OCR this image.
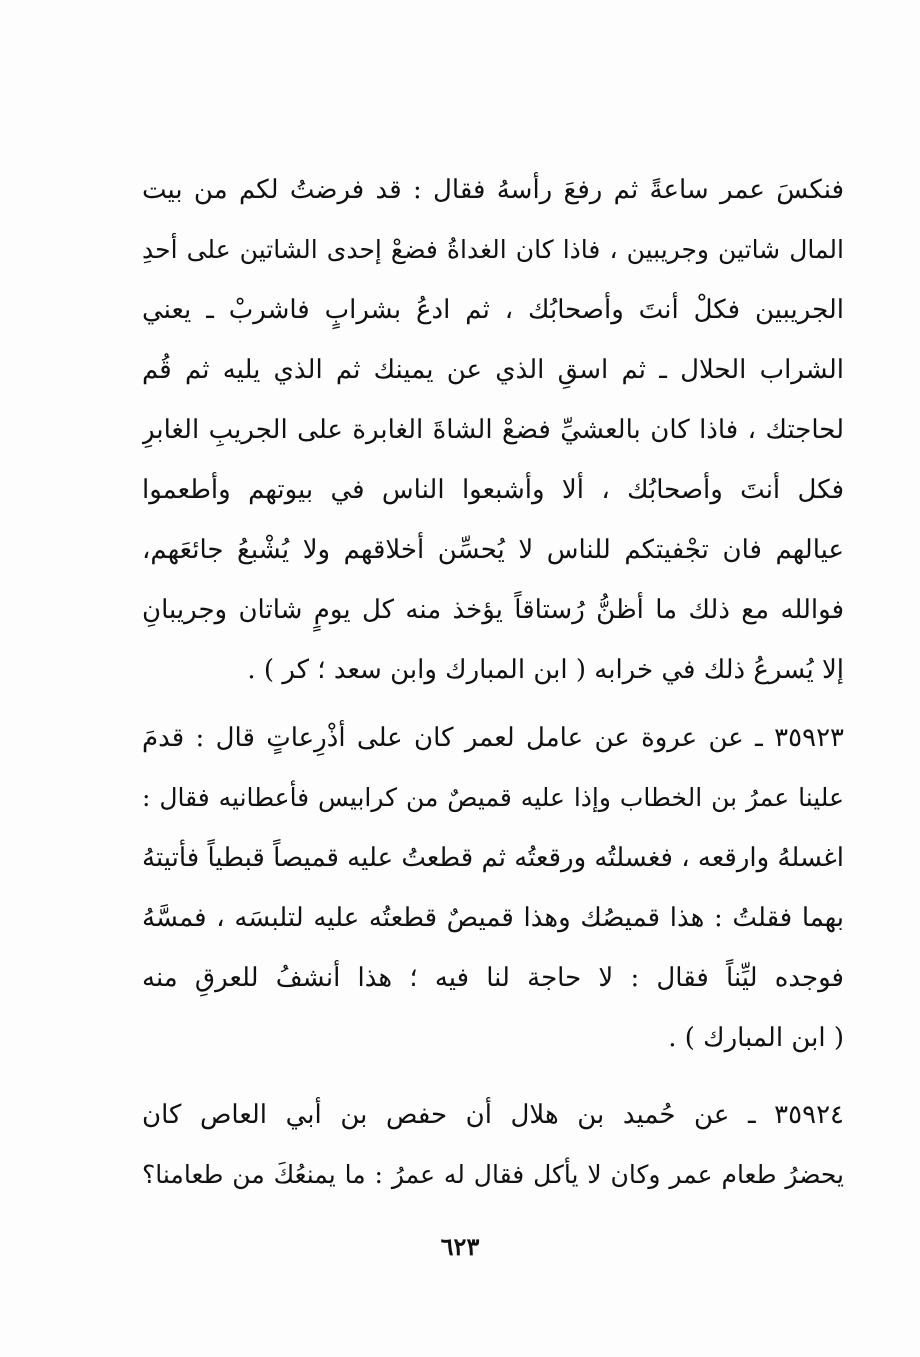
فنكسَ عمر ساعةً ثم رفعَ رأسهُ فقال : قد فرضتُ لكم من بيت
المال شاتين وجريبين ، فاذا كان الغداةُ فضعْ إحدى الشاتين على أحدِ
الجريبين فكلْ أنتَ وأصحابُك ، ثم ادعُ بشرابٍ فاشربْ ـ يعني
الشراب الحلال ـ ثم اسقِ الذي عن يمينك ثم الذي يليه ثم قُم
لحاجتك ، فاذا كان بالعشيِّ فضعْ الشاةَ الغابرة على الجريبِ الغابرِ
فكل أنتَ وأصحابُك ، ألا وأشبعوا الناس في بيوتهم وأطعموا
عيالهم فان تجْفيتكم للناس لا يُحسِّن أخلاقهم ولا يُشْبعُ جائعَهم،
فوالله مع ذلك ما أظنُّ رُستاقاً يؤخذ منه كل يومٍ شاتان وجريبانِ
إلا يُسرعُ ذلك في خرابه ( ابن المبارك وابن سعد ؛ كر ) .
٣٥٩٢٣ ـ عن عروة عن عامل لعمر كان على أذْرِعاتٍ قال : قدمَ
علينا عمرُ بن الخطاب وإذا عليه قميصٌ من كرابيس فأعطانيه فقال :
اغسلهُ وارقعه ، فغسلتُه ورقعتُه ثم قطعتُ عليه قميصاً قبطياً فأتيتهُ
بهما فقلتُ : هذا قميصُك وهذا قميصٌ قطعتُه عليه لتلبسَه ، فمسَّهُ
فوجده ليِّناً فقال : لا حاجة لنا فيه ؛ هذا أنشفُ للعرقِ منه
( ابن المبارك ) .
٣٥٩٢٤ ـ عن حُميد بن هلال أن حفص بن أبي العاص كان
يحضرُ طعام عمر وكان لا يأكل فقال له عمرُ : ما يمنعُكَ من طعامنا؟
٦٢٣
